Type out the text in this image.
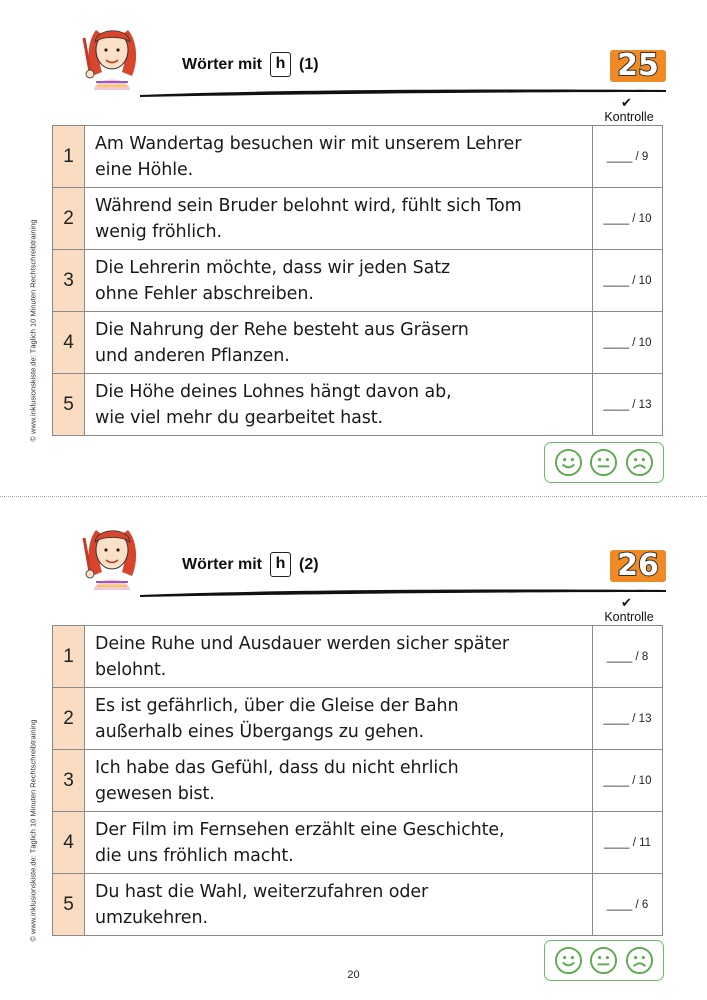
© www.inklusionskiste.de: Täglich 10 Minuten Rechtschreibtraining
Wörter mit h (1)	25
✔
Kontrolle
1	Am Wandertag besuchen wir mit unserem Lehrer
eine Höhle.	____ / 9
2	Während sein Bruder belohnt wird, fühlt sich Tom
wenig fröhlich.	____ / 10
3	Die Lehrerin möchte, dass wir jeden Satz
ohne Fehler abschreiben.	____ / 10
4	Die Nahrung der Rehe besteht aus Gräsern
und anderen Pflanzen.	____ / 10
5	Die Höhe deines Lohnes hängt davon ab,
wie viel mehr du gearbeitet hast.	____ / 13
© www.inklusionskiste.de: Täglich 10 Minuten Rechtschreibtraining
Wörter mit h (2)	26
✔
Kontrolle
1	Deine Ruhe und Ausdauer werden sicher später
belohnt.	____ / 8
2	Es ist gefährlich, über die Gleise der Bahn
außerhalb eines Übergangs zu gehen.	____ / 13
3	Ich habe das Gefühl, dass du nicht ehrlich
gewesen bist.	____ / 10
4	Der Film im Fernsehen erzählt eine Geschichte,
die uns fröhlich macht.	____ / 11
5	Du hast die Wahl, weiterzufahren oder
umzukehren.	____ / 6
20
